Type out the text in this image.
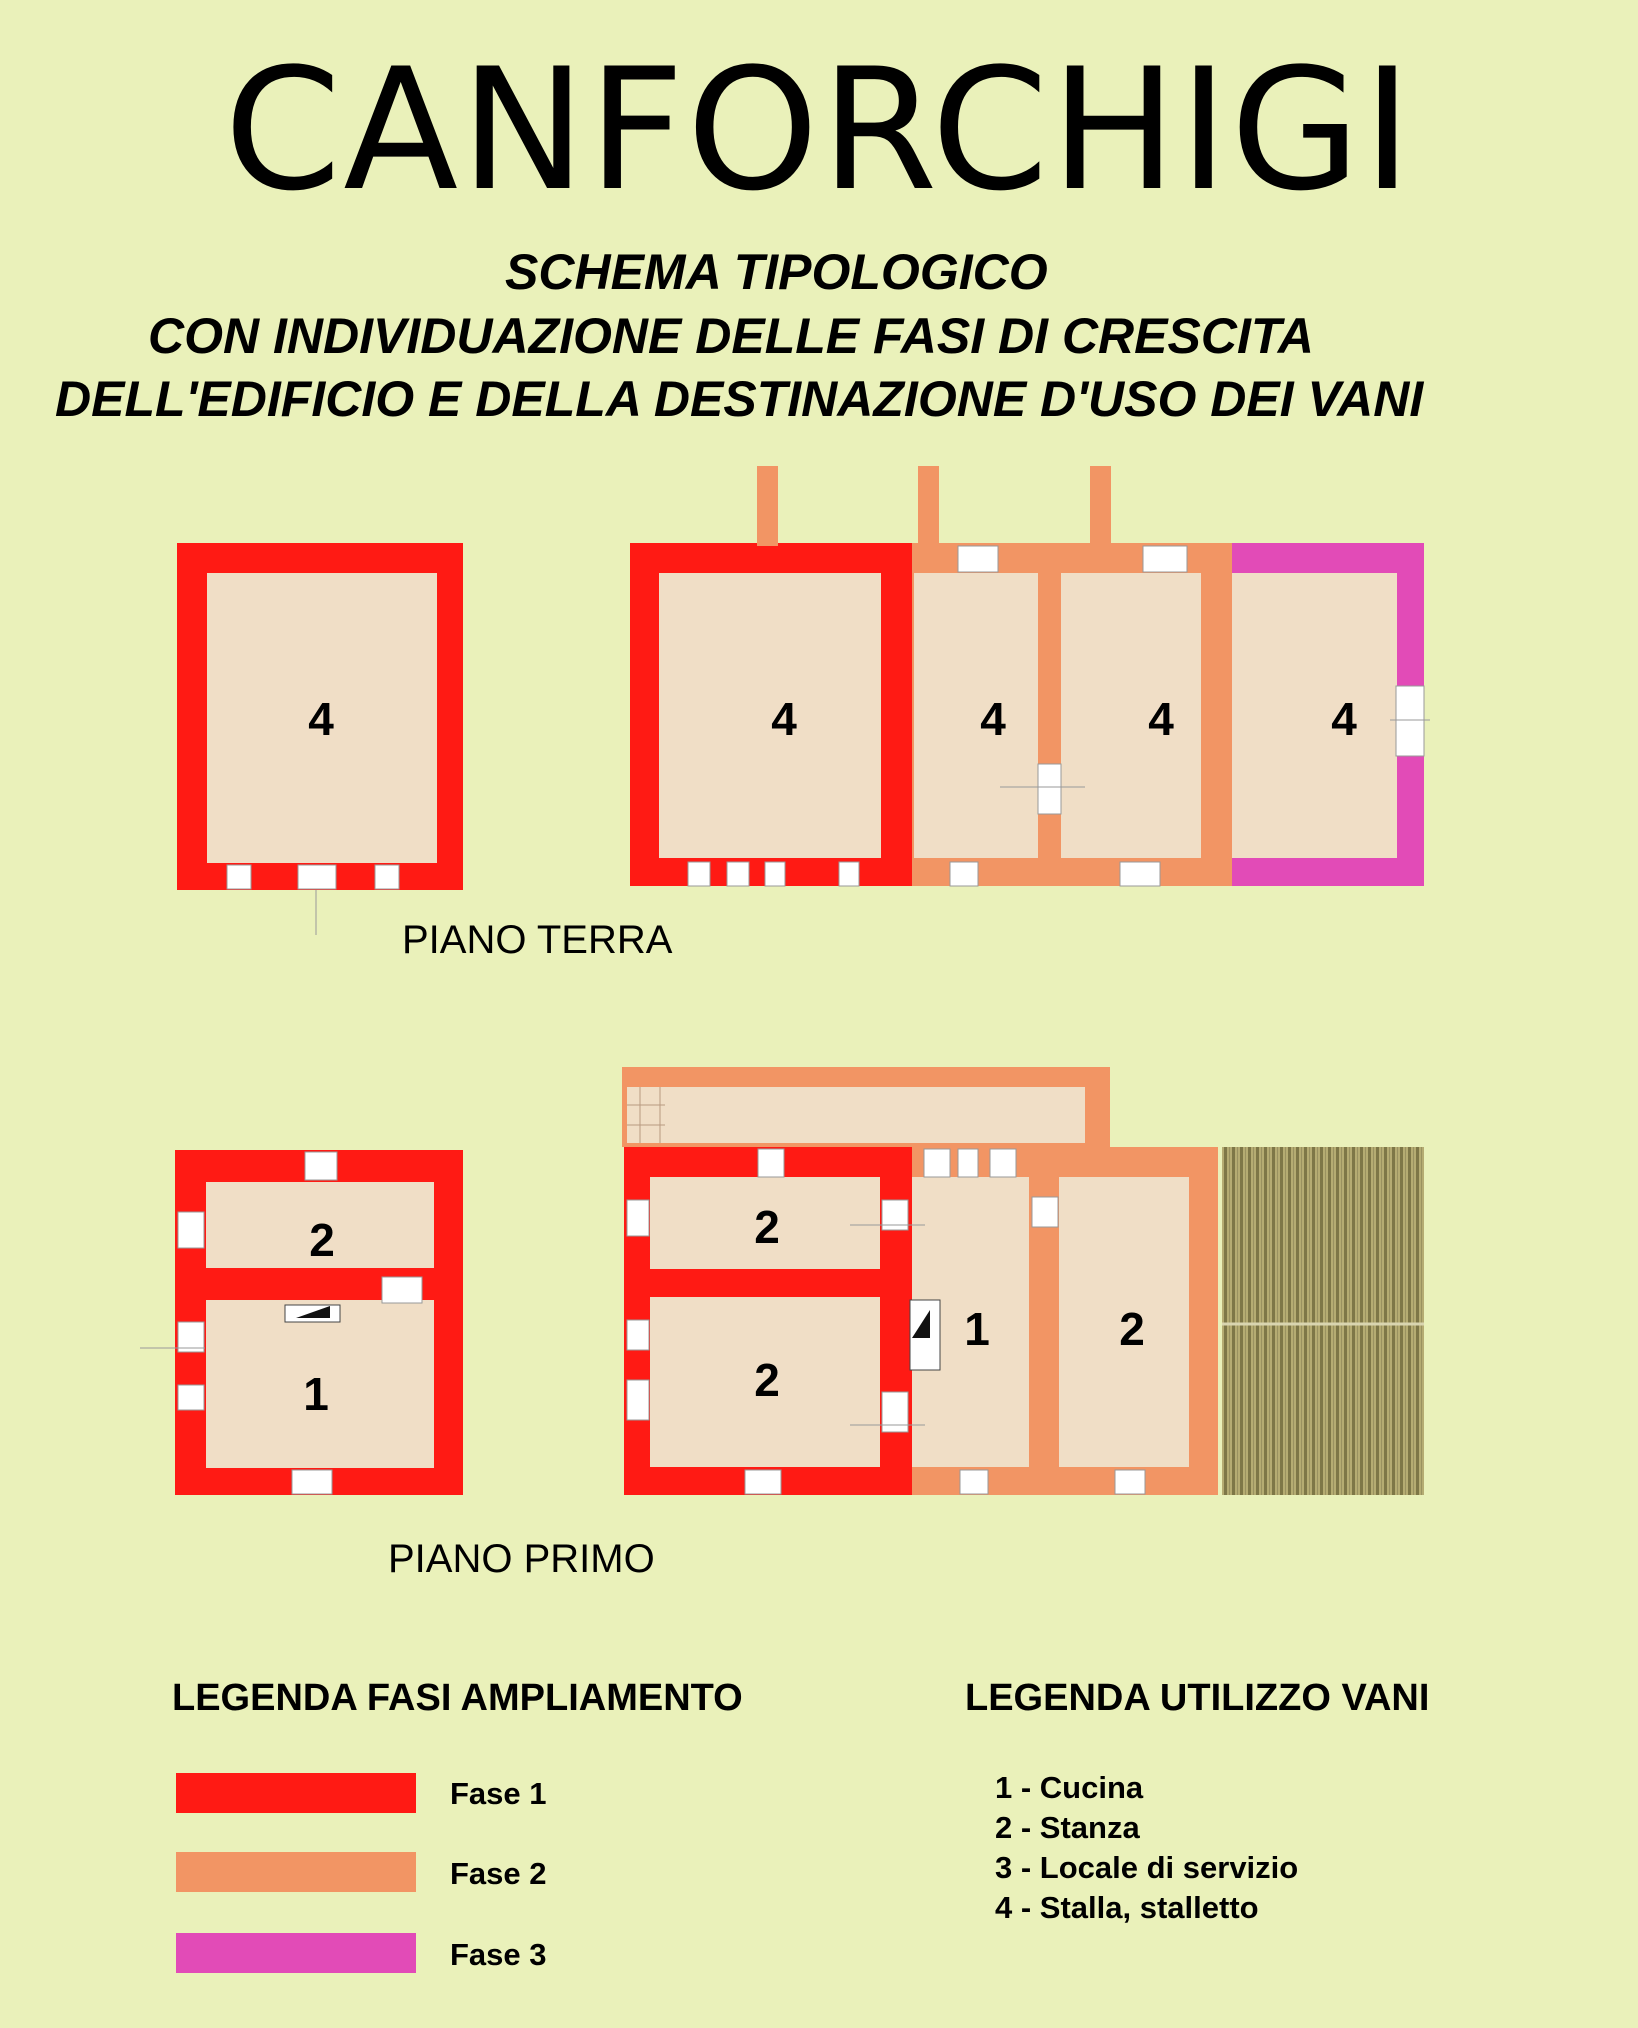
CANFORCHIGI
SCHEMA TIPOLOGICO
CON INDIVIDUAZIONE DELLE FASI DI CRESCITA
DELL'EDIFICIO E DELLA DESTINAZIONE D'USO DEI VANI
4	4	4	4	4
2
1
2
2
1	2
PIANO TERRA
PIANO PRIMO
LEGENDA FASI AMPLIAMENTO
Fase 1
Fase 2
Fase 3
LEGENDA UTILIZZO VANI
1 - Cucina
2 - Stanza
3 - Locale di servizio
4 - Stalla, stalletto
